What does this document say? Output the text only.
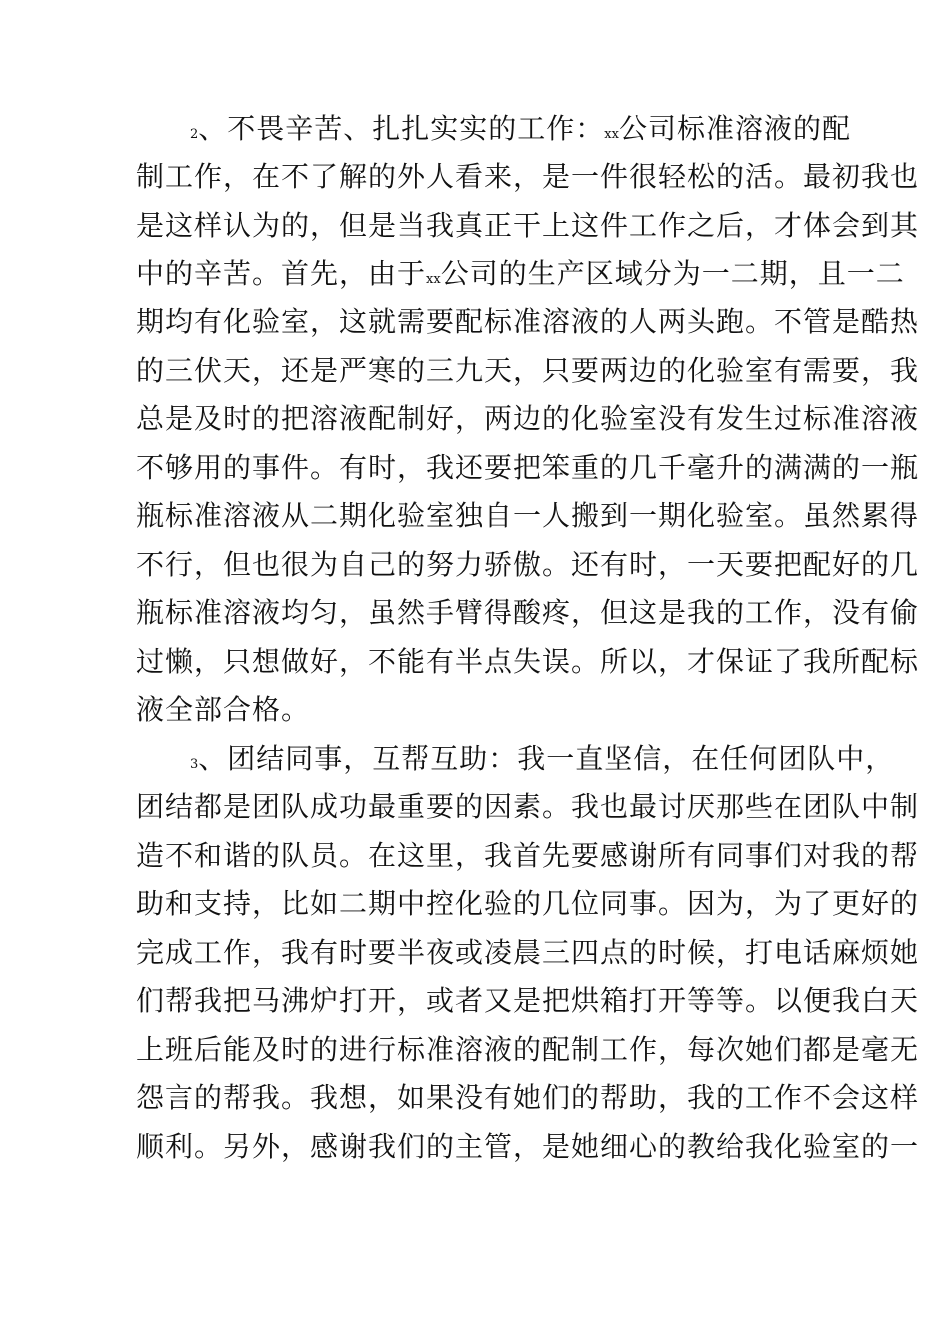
2、不畏辛苦、扎扎实实的工作：xx公司标准溶液的配
制工作，在不了解的外人看来，是一件很轻松的活。最初我也
是这样认为的，但是当我真正干上这件工作之后，才体会到其
中的辛苦。首先，由于xx公司的生产区域分为一二期，且一二
期均有化验室，这就需要配标准溶液的人两头跑。不管是酷热
的三伏天，还是严寒的三九天，只要两边的化验室有需要，我
总是及时的把溶液配制好，两边的化验室没有发生过标准溶液
不够用的事件。有时，我还要把笨重的几千毫升的满满的一瓶
瓶标准溶液从二期化验室独自一人搬到一期化验室。虽然累得
不行，但也很为自己的努力骄傲。还有时，一天要把配好的几
瓶标准溶液均匀，虽然手臂得酸疼，但这是我的工作，没有偷
过懒，只想做好，不能有半点失误。所以，才保证了我所配标
液全部合格。
3、团结同事，互帮互助：我一直坚信，在任何团队中，
团结都是团队成功最重要的因素。我也最讨厌那些在团队中制
造不和谐的队员。在这里，我首先要感谢所有同事们对我的帮
助和支持，比如二期中控化验的几位同事。因为，为了更好的
完成工作，我有时要半夜或凌晨三四点的时候，打电话麻烦她
们帮我把马沸炉打开，或者又是把烘箱打开等等。以便我白天
上班后能及时的进行标准溶液的配制工作，每次她们都是毫无
怨言的帮我。我想，如果没有她们的帮助，我的工作不会这样
顺利。另外，感谢我们的主管，是她细心的教给我化验室的一
